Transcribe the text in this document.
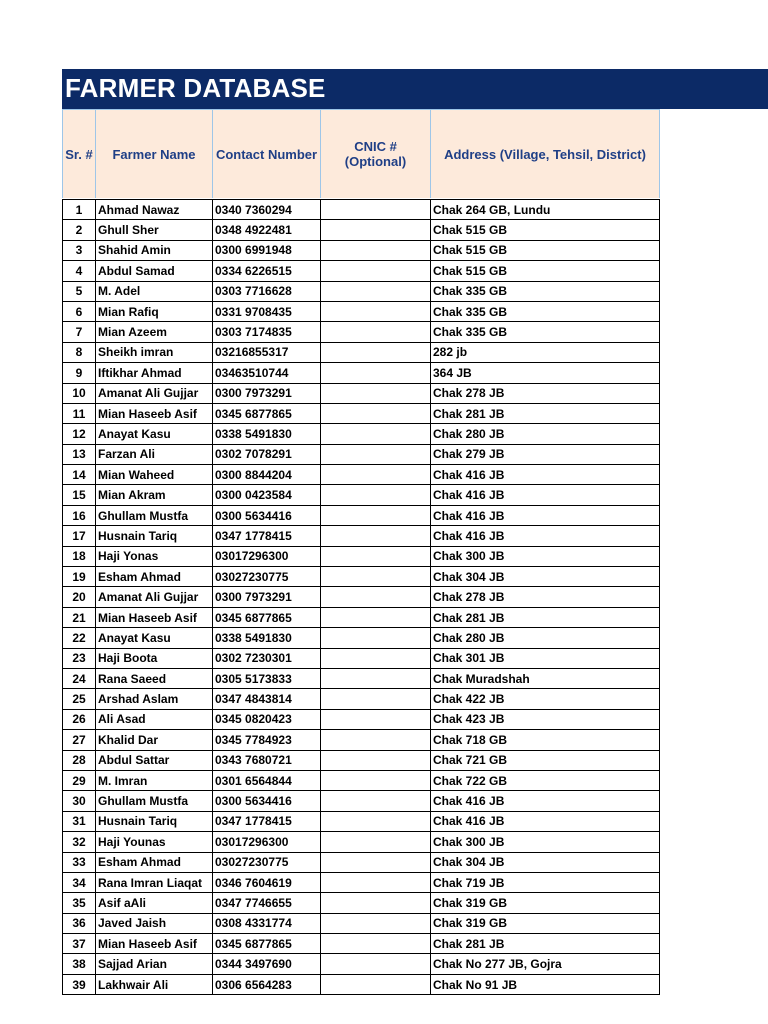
FARMER DATABASE
Sr. #	Farmer Name	Contact Number	CNIC # (Optional)	Address (Village, Tehsil, District)

1	Ahmad Nawaz	0340 7360294		Chak 264 GB, Lundu
2	Ghull Sher	0348 4922481		Chak 515 GB
3	Shahid Amin	0300 6991948		Chak 515 GB
4	Abdul Samad	0334 6226515		Chak 515 GB
5	M. Adel	0303 7716628		Chak 335 GB
6	Mian Rafiq	0331 9708435		Chak 335 GB
7	Mian Azeem	0303 7174835		Chak 335 GB
8	Sheikh imran	03216855317		282 jb
9	Iftikhar Ahmad	03463510744		364 JB
10	Amanat Ali Gujjar	0300 7973291		Chak 278 JB
11	Mian Haseeb Asif	0345 6877865		Chak 281 JB
12	Anayat Kasu	0338 5491830		Chak 280 JB
13	Farzan Ali	0302 7078291		Chak 279 JB
14	Mian Waheed	0300 8844204		Chak 416 JB
15	Mian Akram	0300 0423584		Chak 416 JB
16	Ghullam Mustfa	0300 5634416		Chak 416 JB
17	Husnain Tariq	0347 1778415		Chak 416 JB
18	Haji Yonas	03017296300		Chak 300 JB
19	Esham Ahmad	03027230775		Chak 304 JB
20	Amanat Ali Gujjar	0300 7973291		Chak 278 JB
21	Mian Haseeb Asif	0345 6877865		Chak 281 JB
22	Anayat Kasu	0338 5491830		Chak 280 JB
23	Haji Boota	0302 7230301		Chak 301 JB
24	Rana Saeed	0305 5173833		Chak Muradshah
25	Arshad Aslam	0347 4843814		Chak 422 JB
26	Ali Asad	0345 0820423		Chak 423 JB
27	Khalid Dar	0345 7784923		Chak 718 GB
28	Abdul Sattar	0343 7680721		Chak 721 GB
29	M. Imran	0301 6564844		Chak 722 GB
30	Ghullam Mustfa	0300 5634416		Chak 416 JB
31	Husnain Tariq	0347 1778415		Chak 416 JB
32	Haji Younas	03017296300		Chak 300 JB
33	Esham Ahmad	03027230775		Chak 304 JB
34	Rana Imran Liaqat	0346 7604619		Chak 719 JB
35	Asif aAli	0347 7746655		Chak 319 GB
36	Javed Jaish	0308 4331774		Chak 319 GB
37	Mian Haseeb Asif	0345 6877865		Chak 281 JB
38	Sajjad Arian	0344 3497690		Chak No 277 JB, Gojra
39	Lakhwair Ali	0306 6564283		Chak No 91 JB
